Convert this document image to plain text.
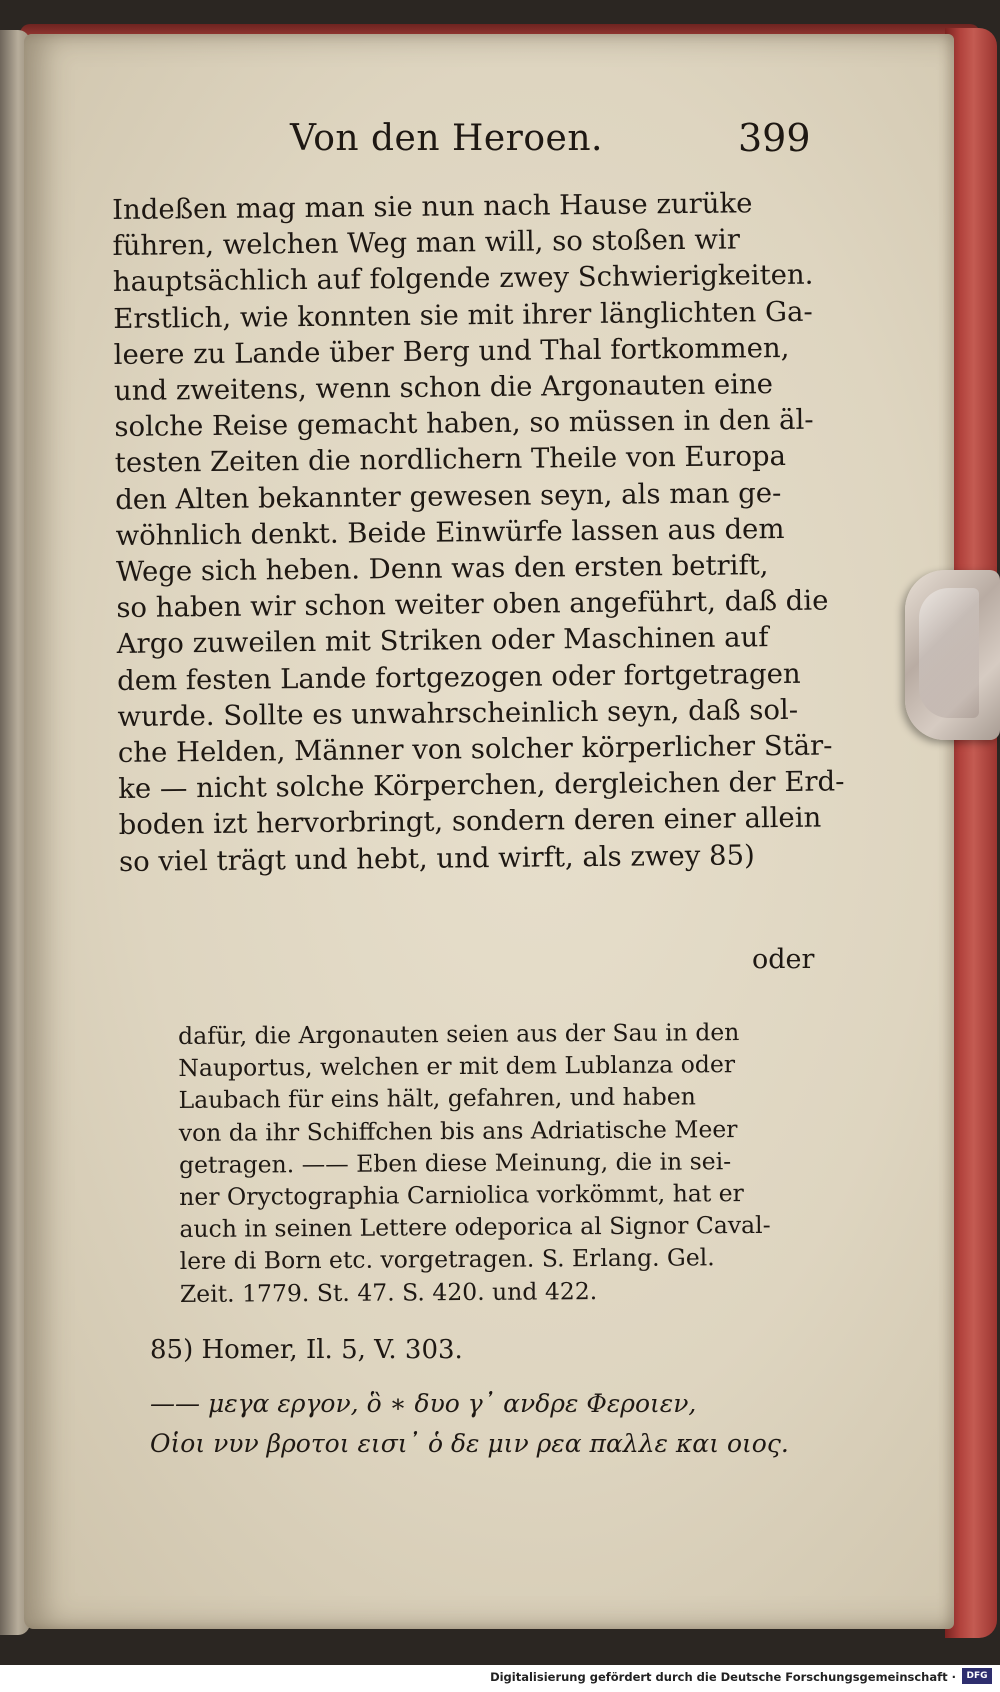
Von den Heroen.	399
Indeßen mag man sie nun nach Hause zurüke
führen, welchen Weg man will, so stoßen wir
hauptsächlich auf folgende zwey Schwierigkeiten.
Erstlich, wie konnten sie mit ihrer länglichten Ga-
leere zu Lande über Berg und Thal fortkommen,
und zweitens, wenn schon die Argonauten eine
solche Reise gemacht haben, so müssen in den äl-
testen Zeiten die nordlichern Theile von Europa
den Alten bekannter gewesen seyn, als man ge-
wöhnlich denkt. Beide Einwürfe lassen aus dem
Wege sich heben. Denn was den ersten betrift,
so haben wir schon weiter oben angeführt, daß die
Argo zuweilen mit Striken oder Maschinen auf
dem festen Lande fortgezogen oder fortgetragen
wurde. Sollte es unwahrscheinlich seyn, daß sol-
che Helden, Männer von solcher körperlicher Stär-
ke — nicht solche Körperchen, dergleichen der Erd-
boden izt hervorbringt, sondern deren einer allein
so viel trägt und hebt, und wirft, als zwey 85)
oder
dafür, die Argonauten seien aus der Sau in den
Nauportus, welchen er mit dem Lublanza oder
Laubach für eins hält, gefahren, und haben
von da ihr Schiffchen bis ans Adriatische Meer
getragen. —— Eben diese Meinung, die in sei-
ner Oryctographia Carniolica vorkömmt, hat er
auch in seinen Lettere odeporica al Signor Caval-
lere di Born etc. vorgetragen. S. Erlang. Gel.
Zeit. 1779. St. 47. S. 420. und 422.
85) Homer, Il. 5, V. 303.
—— μεγα εργον, ὃ ∗ δυο γ᾽ ανδρε Φεροιεν,
Οἱοι νυν βροτοι εισι᾽ ὁ δε μιν ρεα παλλε και οιος.
Digitalisierung gefördert durch die Deutsche Forschungsgemeinschaft ·	DFG
